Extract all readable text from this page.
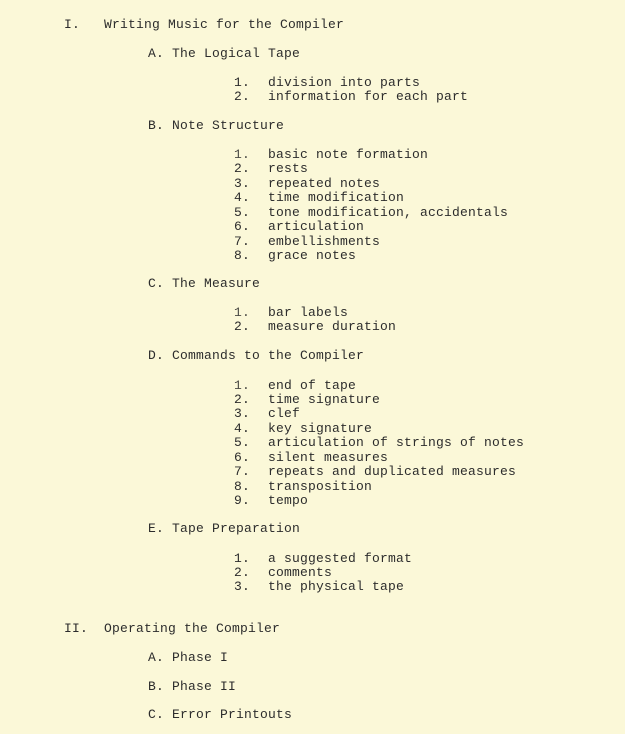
I. Writing Music for the Compiler
A. The Logical Tape
1. division into parts
2. information for each part
B. Note Structure
1. basic note formation
2. rests
3. repeated notes
4. time modification
5. tone modification, accidentals
6. articulation
7. embellishments
8. grace notes
C. The Measure
1. bar labels
2. measure duration
D. Commands to the Compiler
1. end of tape
2. time signature
3. clef
4. key signature
5. articulation of strings of notes
6. silent measures
7. repeats and duplicated measures
8. transposition
9. tempo
E. Tape Preparation
1. a suggested format
2. comments
3. the physical tape
II. Operating the Compiler
A. Phase I
B. Phase II
C. Error Printouts
